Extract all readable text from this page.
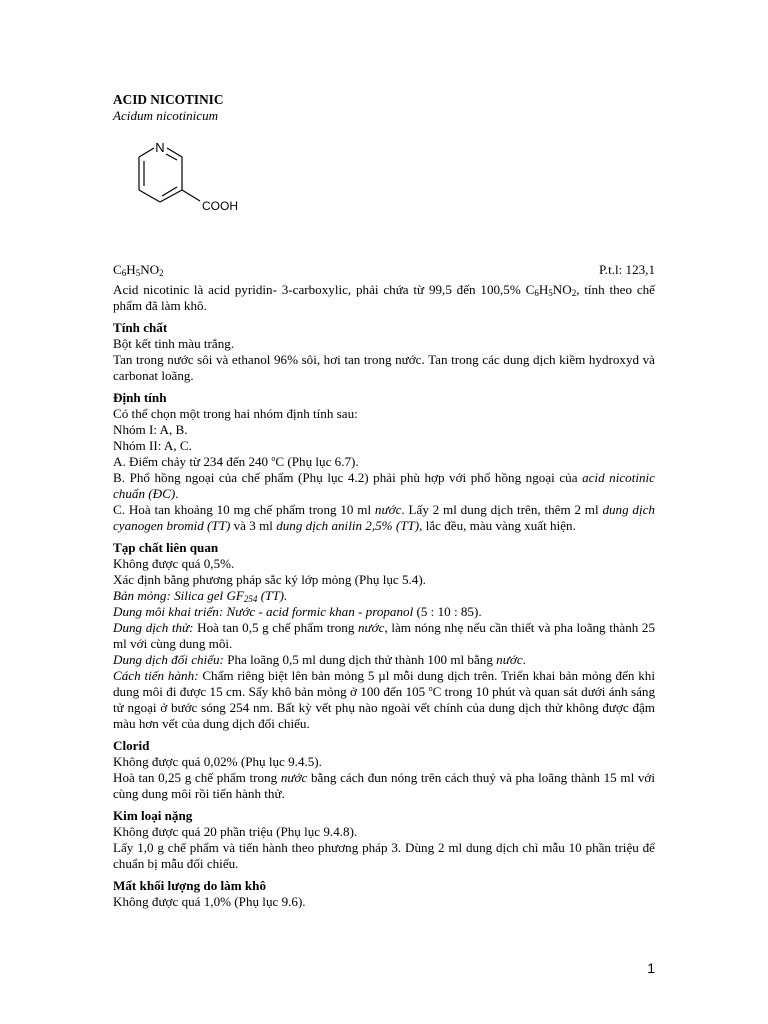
ACID NICOTINIC
Acidum nicotinicum
N
COOH
$C_6H_5NO_2$	P.t.l: 123,1
Acid nicotinic là acid pyridin- 3-carboxylic, phải chứa từ 99,5 đến 100,5% $C_6H_5NO_2$, tính theo chế phẩm đã làm khô.
Tính chất
Bột kết tinh màu trắng.
Tan trong nước sôi và ethanol 96% sôi, hơi tan trong nước. Tan trong các dung dịch kiềm hydroxyd và carbonat loãng.
Định tính
Có thể chọn một trong hai nhóm định tính sau:
Nhóm I: A, B.
Nhóm II: A, C.
A. Điểm chảy từ 234 đến 240 $^o$C (Phụ lục 6.7).
B. Phổ hồng ngoại của chế phẩm (Phụ lục 4.2) phải phù hợp với phổ hồng ngoại của acid nicotinic chuẩn (ĐC).
C. Hoà tan khoảng 10 mg chế phẩm trong 10 ml nước. Lấy 2 ml dung dịch trên, thêm 2 ml dung dịch cyanogen bromid (TT) và 3 ml dung dịch anilin 2,5% (TT), lắc đều, màu vàng xuất hiện.
Tạp chất liên quan
Không được quá 0,5%.
Xác định bằng phương pháp sắc ký lớp mỏng (Phụ lục 5.4).
Bản mỏng: Silica gel $GF_{254}$ (TT).
Dung môi khai triển: Nước - acid formic khan - propanol (5 : 10 : 85).
Dung dịch thử: Hoà tan 0,5 g chế phẩm trong nước, làm nóng nhẹ nếu cần thiết và pha loãng thành 25 ml với cùng dung môi.
Dung dịch đối chiếu: Pha loãng 0,5 ml dung dịch thử thành 100 ml bằng nước.
Cách tiến hành: Chấm riêng biệt lên bản mỏng 5 µl mỗi dung dịch trên. Triển khai bản mỏng đến khi dung môi đi được 15 cm. Sấy khô bản mỏng ở 100 đến 105 $^o$C trong 10 phút và quan sát dưới ánh sáng tử ngoại ở bước sóng 254 nm. Bất kỳ vết phụ nào ngoài vết chính của dung dịch thử không được đậm màu hơn vết của dung dịch đối chiếu.
Clorid
Không được quá 0,02% (Phụ lục 9.4.5).
Hoà tan 0,25 g chế phẩm trong nước bằng cách đun nóng trên cách thuỷ và pha loãng thành 15 ml với cùng dung môi rồi tiến hành thử.
Kim loại nặng
Không được quá 20 phần triệu (Phụ lục 9.4.8).
Lấy 1,0 g chế phẩm và tiến hành theo phương pháp 3. Dùng 2 ml dung dịch chì mẫu 10 phần triệu để chuẩn bị mẫu đối chiếu.
Mất khối lượng do làm khô
Không được quá 1,0% (Phụ lục 9.6).
1
